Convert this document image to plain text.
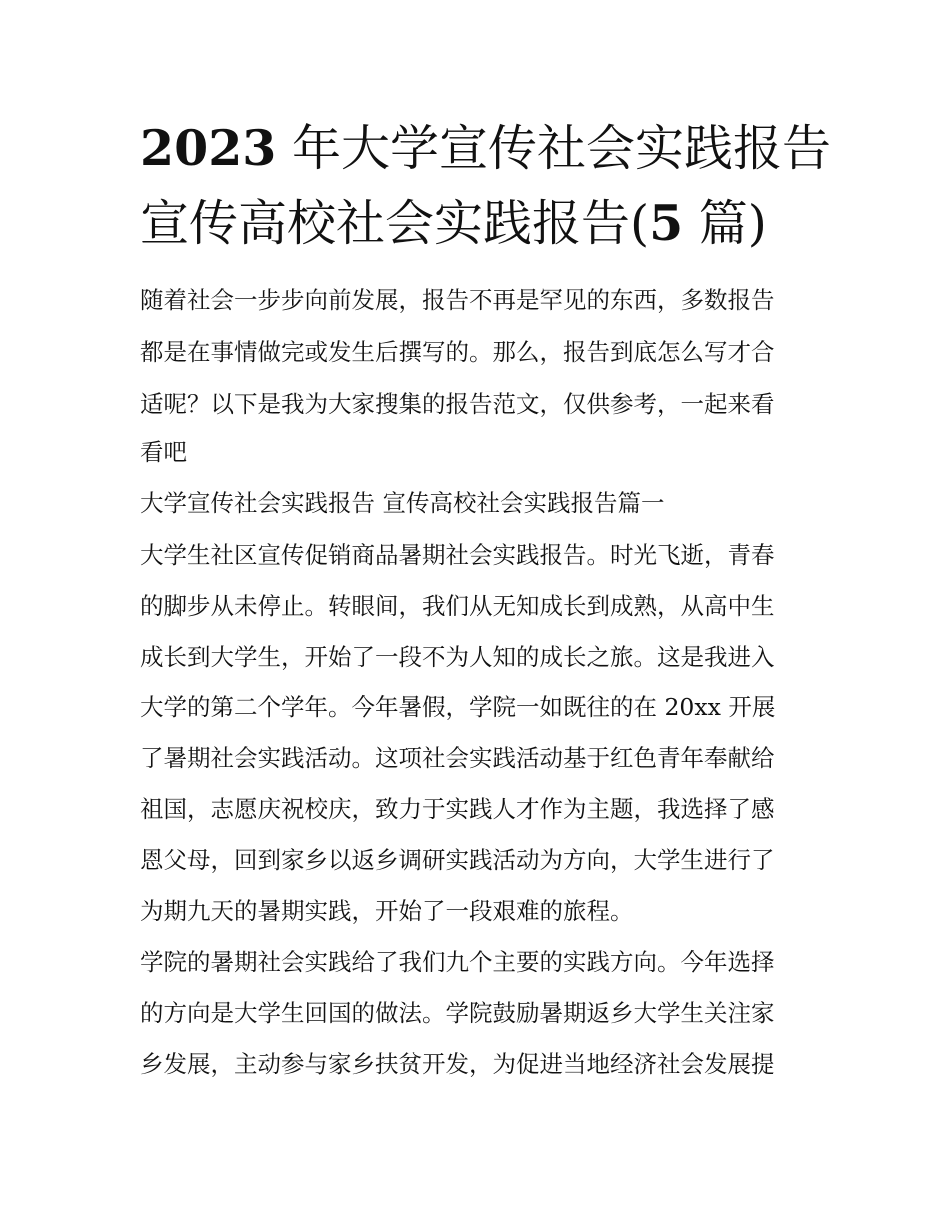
2023 年大学宣传社会实践报告
宣传高校社会实践报告(5 篇)

随着社会一步步向前发展，报告不再是罕见的东西，多数报告

都是在事情做完或发生后撰写的。那么，报告到底怎么写才合

适呢？以下是我为大家搜集的报告范文，仅供参考，一起来看

看吧

大学宣传社会实践报告 宣传高校社会实践报告篇一

大学生社区宣传促销商品暑期社会实践报告。时光飞逝，青春

的脚步从未停止。转眼间，我们从无知成长到成熟，从高中生

成长到大学生，开始了一段不为人知的成长之旅。这是我进入

大学的第二个学年。今年暑假，学院一如既往的在 20xx 开展

了暑期社会实践活动。这项社会实践活动基于红色青年奉献给

祖国，志愿庆祝校庆，致力于实践人才作为主题，我选择了感

恩父母，回到家乡以返乡调研实践活动为方向，大学生进行了

为期九天的暑期实践，开始了一段艰难的旅程。

学院的暑期社会实践给了我们九个主要的实践方向。今年选择

的方向是大学生回国的做法。学院鼓励暑期返乡大学生关注家

乡发展，主动参与家乡扶贫开发，为促进当地经济社会发展提
